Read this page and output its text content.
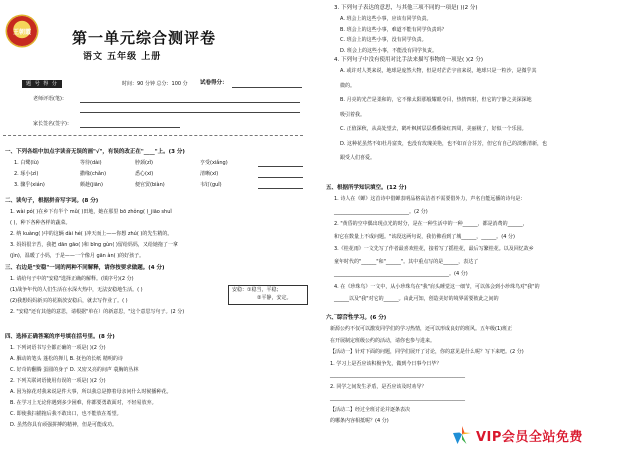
王朝霞	第一单元综合测评卷
语文 五年级 上册
题 号 得 分	时间：90 分钟 总分：100 分 试卷得分：
老师评语(笔)：
家长签名(签字)：
一、下列各组中加点字读音无误的画"√"，有误的改正在"____"上。(3 分)
1. 白鹭(lù)	等待(dài)	脖颈(zǐ)	亨受(xiǎng)
2. 琢小(zì)	撒缘(chǎn)	悉心(xī)	清晰(xī)
3. 骤乎(xián)	颇趁(jiān)	便官贸(biàn)	韦钉(guǐ)
二、读句子，根据拼音写字词。(8 分)
1. wài pó( )在乡下有半个 mǔ( )田地，她在那里 bō zhǒng( )_jiāo shuǐ
( )，种下各种各样的蔬菜。
2. 纳 kuàng( )中的这辆 dài hé( )冲天而上——你想 zhú( )的先生精的。
3. 妈妈很辛苦，我把 dān gāo( )和 bīng gùn( )留给妈妈，又给她拖了一拿
(jìn)，温暖了小妈，于是——一个像月 gān àn( )的好孩子。
三、右边是"安稳"一词的两种不同解释，请你按要求做题。(4 分)
1. 请给句子中的"安稳"选择正确的解释。(填序号)(2 分)
(1)战争年代的人们生活在水深火热中，无法安稳地生活。( )
(2)我想妈妈新买的花瓶放安稳后，就去写作业了。( )
2. "安稳"还有其他的意思，请根据"单在）的新意思，"这个意思写句子。(2 分)
安稳：①稳当，平稳；
②平静，安定。
四、选择正确答案的序号填在括号里。(8 分)
1. 下列词语书写全都正确的一项是( )(2 分)
A. 胭动的笔头 蓬松的掸儿 B. 抚色的长纸 精明的诗
C. 好奇的翻腾 蛋圆的身子 D. 又密又亮的间声 蓑胸的丛林
2. 下列关联词语使用有误的一项是( )(2 分)
A. 因为掠花对我来说是件大事，所以我总是擦着母亲问什么时候播种花。
B. 在学习上无论你遇到多少困难，你都要勇敢面对，不轻易放弃。
C. 即使我扫描拖后我不敢出口，也不能放在希望。
D. 虽然你具有顽强拼搏的精神，但是可能成功。
3. 下列句子表达的意思，与其他三项不同的一项是( )(2 分)
A. 班会上的这些小事，应该有同学负责。
B. 班会上的这些小事，难道不能有同学负责吗？
C. 班会上的这些小事，没有同学负责。
D. 班会上的这些小事，不能没有同学负责。
4. 下列句子中没有使用对比手法来描写事物的一项是( )(2 分)
A. 或许对人类来说，地球是庞然大物，但是对茫茫宇宙来说，地球只是一粒沙，是微乎其
微的。
B. 月亮的光芒是柔和的，它不像太阳那般耀眼夺目，热情四射，但它的宁静之美深深地
吸引着我。
C. 正值深秋，从高处望去，鹤叶枫树层层叠叠染红四周，美丽极了，好似一个乐园。
D. 这种花虽然不如杜丹富贵，也没有玫瑰美艳，也不如百合芬芳，但它有自己的淡雅清新，也
跟受人们喜爱。
五、根据所学知识填空。(12 分)
1. 诗人在《蝉》这首诗中借蝉表明品格高洁者不需要借外力，声名自能远播的诗句是：
______________________________。(2 分)
2. "黄昏的空中偶出现点光的时分，是在一种生活中的一种______，都是消费的______，
和它在数量上不成问题。"该段这两句说，我仿佛看到了城______，______。(4 分)
3.《桂花雨》一文先写了作者最喜欢桂花，接着写了摇桂花，最后写繁桂花。以及回忆故乡
童年时代的"______"和"______"。其中重点写的是______，表达了
______________________________________________。(4 分)
4. 在《珍珠鸟》一文中，从小珍珠鸟在"我"肩头睡觉这一细节，可以体会到小珍珠鸟对"我"的
______以及"我"对它的______。由此可知，创造美好的境界需要彼此之间的
______。
六、综合性学习。(6 分)
新源公约不仅可以激发同学们的学习热情，还可以形成良好的班风。五年级(1)班正
在开展制定班级公约的活动，请你也参与进来。
【活动一】针对下面的问题，同学们展开了讨论，你的意见是什么呢？写下来吧。(2 分)
1. 学习上是否应该积极争先，做到今日事今日毕？
______________________________________________________
2. 同学之间发生矛盾，是否应该及时劝导？
______________________________________________________
【活动二】经过全班讨论并逐条表决
的哪条内容相抵呢？(4 分)
VIP会员全站免费
